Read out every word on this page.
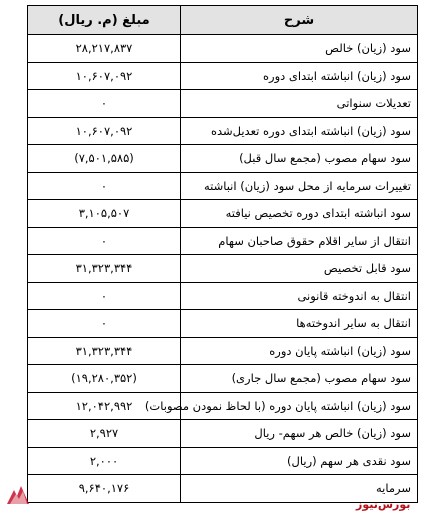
شرح	مبلغ (م. ریال)
سود (زیان) خالص	۲۸,۲۱۷,۸۳۷
سود (زیان) انباشته ابتدای دوره	۱۰,۶۰۷,۰۹۲
تعدیلات سنواتی	۰
سود (زیان) انباشته ابتدای دوره تعدیل‌شده	۱۰,۶۰۷,۰۹۲
سود سهام مصوب (مجمع سال قبل)	(۷,۵۰۱,۵۸۵)
تغییرات سرمایه از محل سود (زیان) انباشته	۰
سود انباشته ابتدای دوره تخصیص نیافته	۳,۱۰۵,۵۰۷
انتقال از سایر اقلام حقوق صاحبان سهام	۰
سود قابل تخصیص	۳۱,۳۲۳,۳۴۴
انتقال به اندوخته قانونی	۰
انتقال به سایر اندوخته‌ها	۰
سود (زیان) انباشته پایان دوره	۳۱,۳۲۳,۳۴۴
سود سهام مصوب (مجمع سال جاری)	(۱۹,۲۸۰,۳۵۲)
سود (زیان) انباشته پایان دوره (با لحاظ نمودن مصوبات)	۱۲,۰۴۲,۹۹۲
سود (زیان) خالص هر سهم- ریال	۲,۹۲۷
سود نقدی هر سهم (ریال)	۲,۰۰۰
سرمایه	۹,۶۴۰,۱۷۶
بورس‌نیوز
